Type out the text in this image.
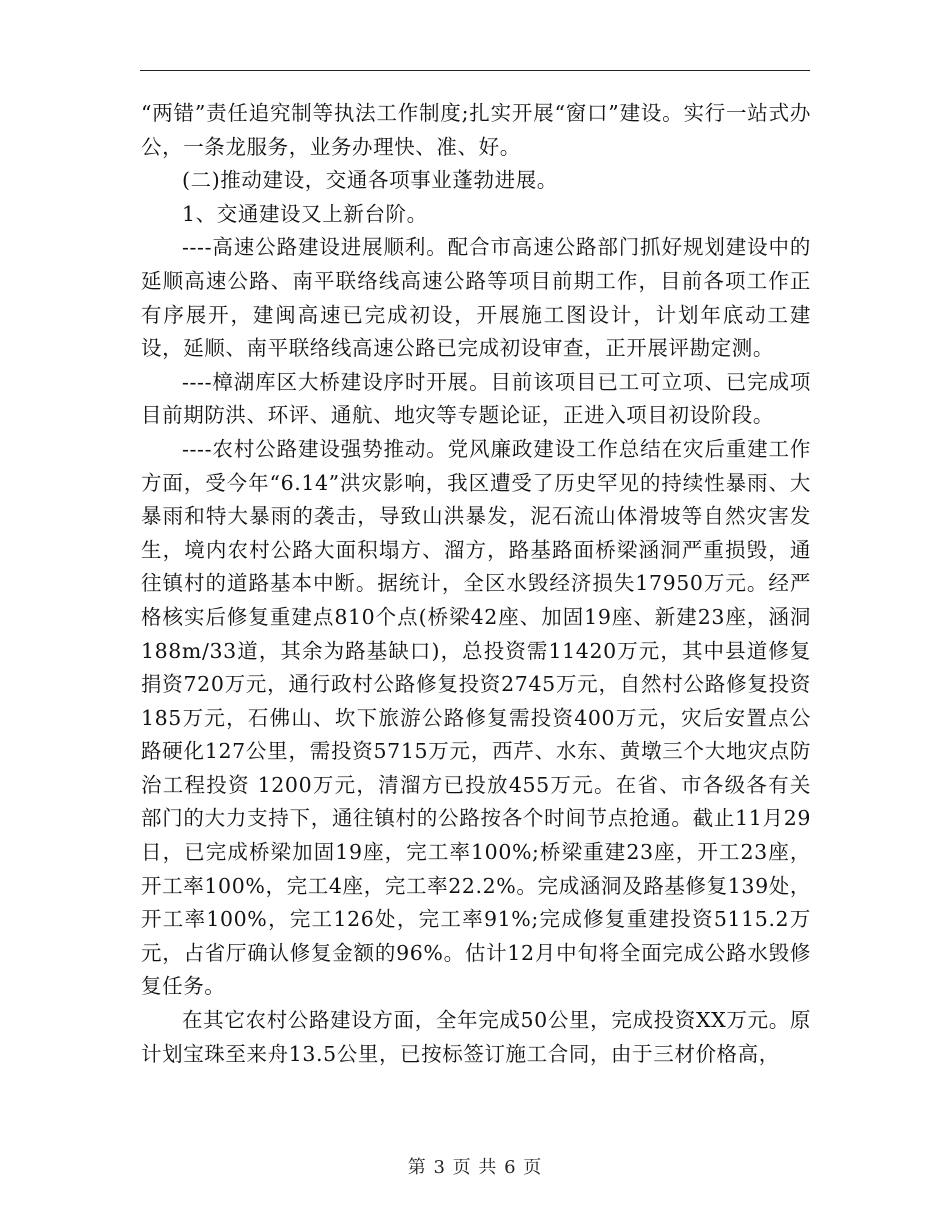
“两错”责任追究制等执法工作制度;扎实开展“窗口”建设。实行一站式办公，一条龙服务，业务办理快、准、好。

(二)推动建设，交通各项事业蓬勃进展。

1、交通建设又上新台阶。

----高速公路建设进展顺利。配合市高速公路部门抓好规划建设中的延顺高速公路、南平联络线高速公路等项目前期工作，目前各项工作正有序展开，建闽高速已完成初设，开展施工图设计，计划年底动工建设，延顺、南平联络线高速公路已完成初设审查，正开展评勘定测。

----樟湖库区大桥建设序时开展。目前该项目已工可立项、已完成项目前期防洪、环评、通航、地灾等专题论证，正进入项目初设阶段。

----农村公路建设强势推动。党风廉政建设工作总结在灾后重建工作方面，受今年“6.14”洪灾影响，我区遭受了历史罕见的持续性暴雨、大暴雨和特大暴雨的袭击，导致山洪暴发，泥石流山体滑坡等自然灾害发生，境内农村公路大面积塌方、溜方，路基路面桥梁涵洞严重损毁，通往镇村的道路基本中断。据统计，全区水毁经济损失17950万元。经严格核实后修复重建点810个点(桥梁42座、加固19座、新建23座，涵洞188m/33道，其余为路基缺口)，总投资需11420万元，其中县道修复捐资720万元，通行政村公路修复投资2745万元，自然村公路修复投资 185万元，石佛山、坎下旅游公路修复需投资400万元，灾后安置点公路硬化127公里，需投资5715万元，西芹、水东、黄墩三个大地灾点防治工程投资 1200万元，清溜方已投放455万元。在省、市各级各有关部门的大力支持下，通往镇村的公路按各个时间节点抢通。截止11月29日，已完成桥梁加固19座，完工率100%;桥梁重建23座，开工23座，开工率100%，完工4座，完工率22.2%。完成涵洞及路基修复139处，开工率100%，完工126处，完工率91%;完成修复重建投资5115.2万元，占省厅确认修复金额的96%。估计12月中旬将全面完成公路水毁修复任务。

在其它农村公路建设方面，全年完成50公里，完成投资XX万元。原计划宝珠至来舟13.5公里，已按标签订施工合同，由于三材价格高，

第 3 页 共 6 页
